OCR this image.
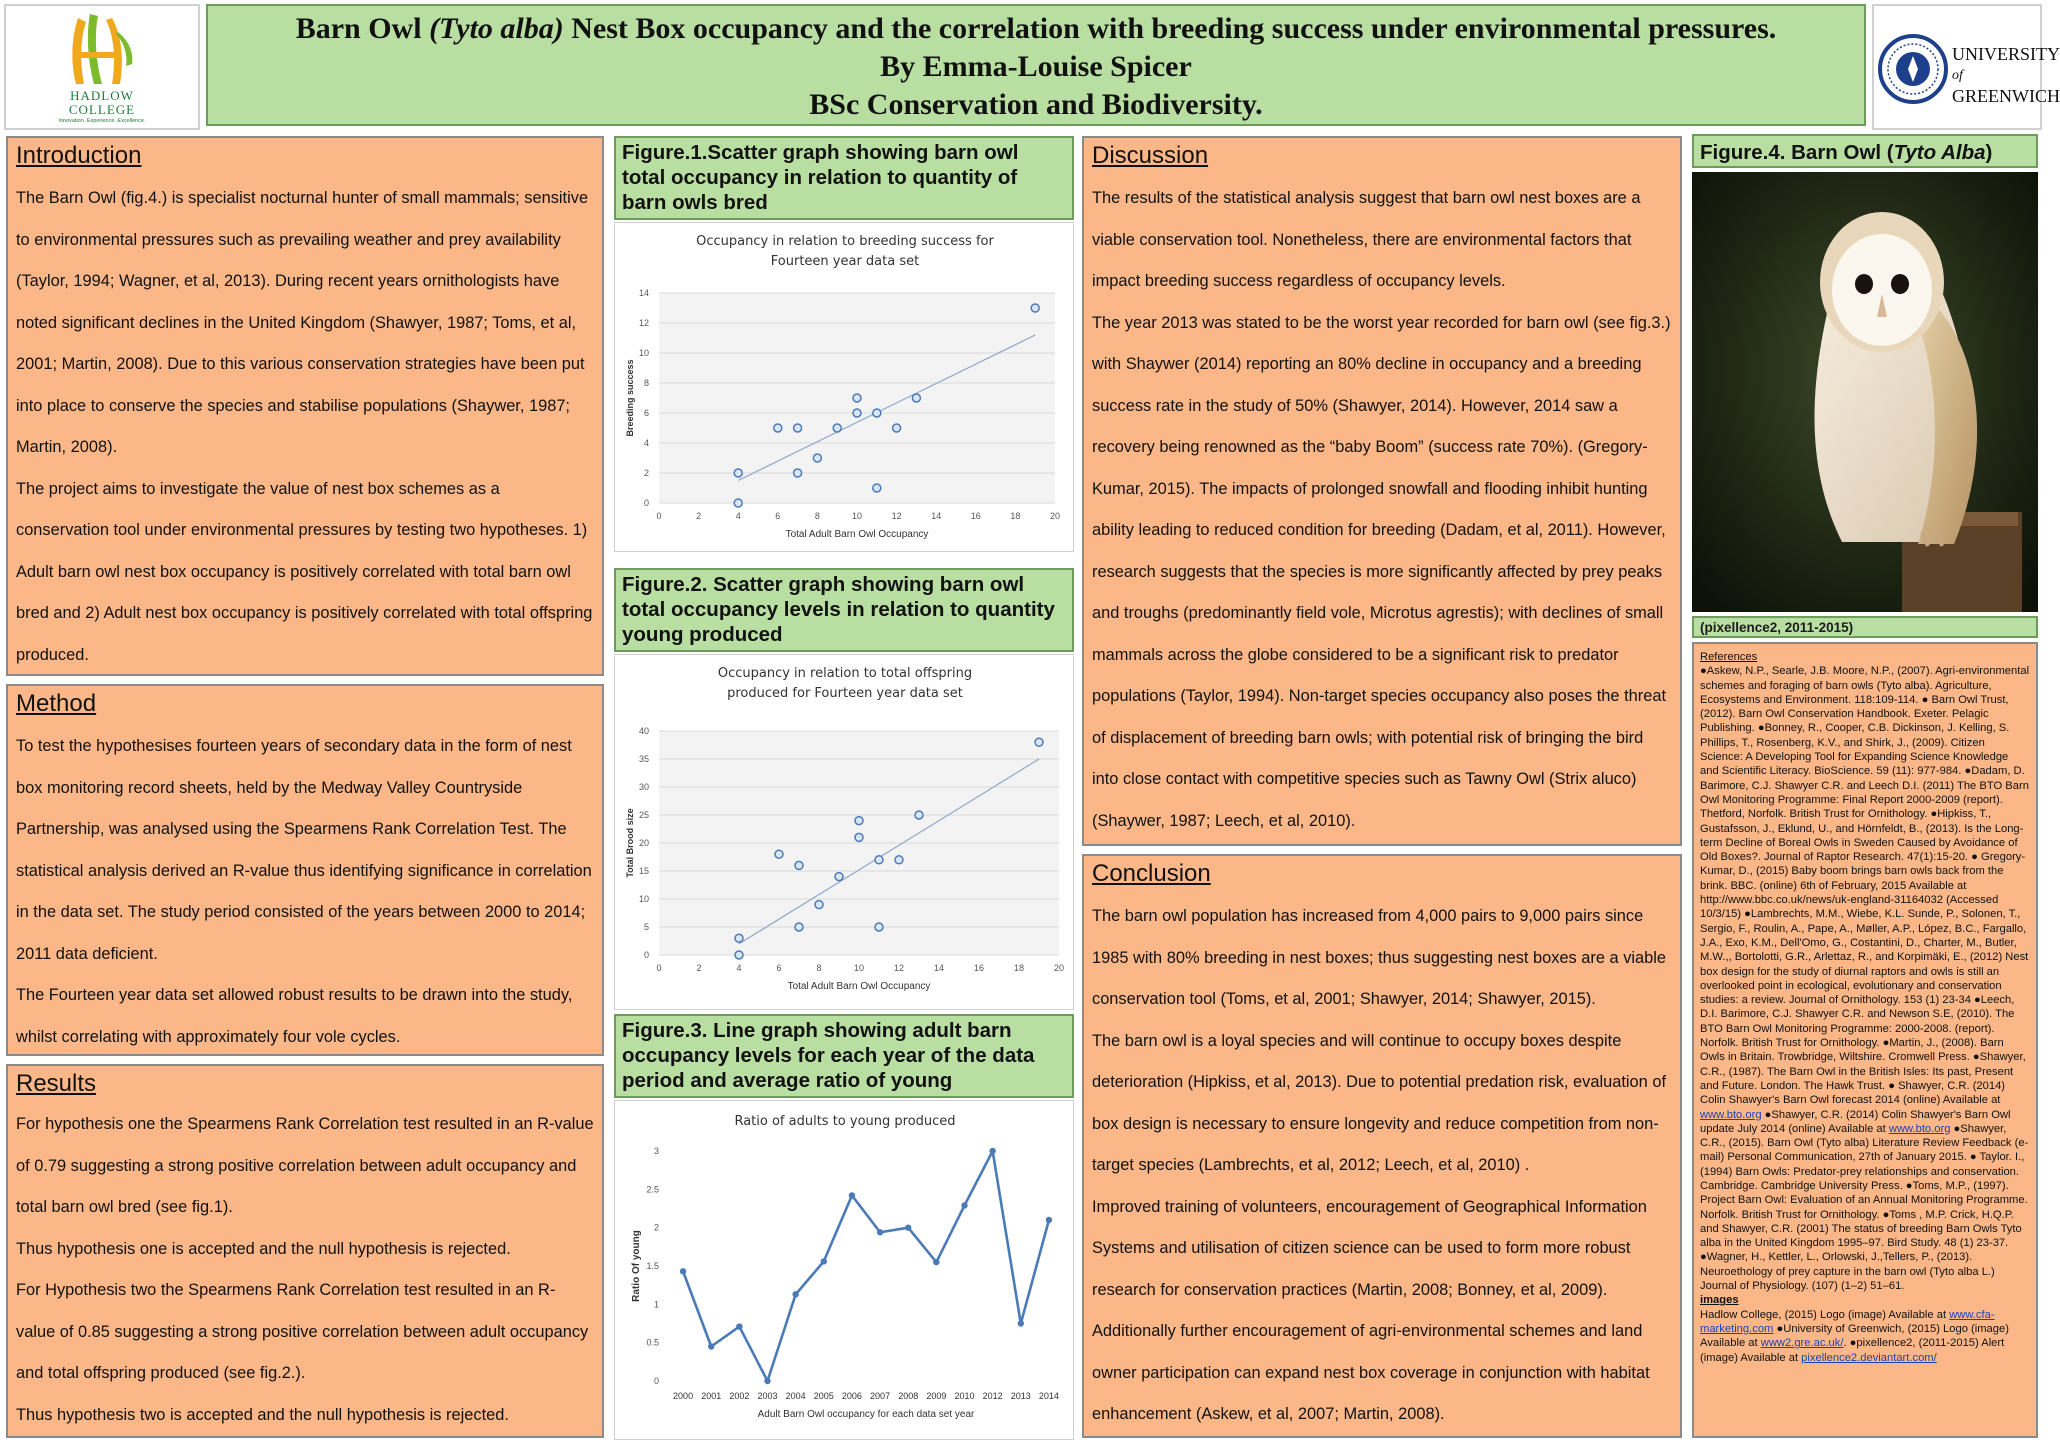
HADLOW
COLLEGE
Innovation. Experience. Excellence.
Barn Owl (Tyto alba) Nest Box occupancy and the correlation with breeding success under environmental pressures.
By Emma-Louise Spicer
BSc Conservation and Biodiversity.
UNIVERSITY
of
GREENWICH
Introduction

The Barn Owl (fig.4.) is specialist nocturnal hunter of small mammals; sensitive to environmental pressures such as prevailing weather and prey availability (Taylor, 1994; Wagner, et al, 2013). During recent years ornithologists have noted significant declines in the United Kingdom (Shawyer, 1987; Toms, et al, 2001; Martin, 2008). Due to this various conservation strategies have been put into place to conserve the species and stabilise populations (Shaywer, 1987; Martin, 2008).

The project aims to investigate the value of nest box schemes as a conservation tool under environmental pressures by testing two hypotheses. 1) Adult barn owl nest box occupancy is positively correlated with total barn owl bred and 2) Adult nest box occupancy is positively correlated with total offspring produced.

Method

To test the hypothesises fourteen years of secondary data in the form of nest box monitoring record sheets, held by the Medway Valley Countryside Partnership, was analysed using the Spearmens Rank Correlation Test. The statistical analysis derived an R-value thus identifying significance in correlation in the data set. The study period consisted of the years between 2000 to 2014; 2011 data deficient.

The Fourteen year data set allowed robust results to be drawn into the study, whilst correlating with approximately four vole cycles.

Results

For hypothesis one the Spearmens Rank Correlation test resulted in an R-value of 0.79 suggesting a strong positive correlation between adult occupancy and total barn owl bred (see fig.1).

Thus hypothesis one is accepted and the null hypothesis is rejected.

For Hypothesis two the Spearmens Rank Correlation test resulted in an R-value of 0.85 suggesting a strong positive correlation between adult occupancy and total offspring produced (see fig.2.).

Thus hypothesis two is accepted and the null hypothesis is rejected.

Figure.1.Scatter graph showing barn owl total occupancy in relation to quantity of barn owls bred
Occupancy in relation to breeding success for
Fourteen year data set
0
2
4
6
8
10
12
14
0	2	4	6	8	10	12	14	16	18	20
Total Adult Barn Owl Occupancy
Breeding success
Figure.2. Scatter graph showing barn owl total occupancy levels in relation to quantity young produced
Occupancy in relation to total offspring
produced for Fourteen year data set
0
5
10
15
20
25
30
35
40
0	2	4	6	8	10	12	14	16	18	20
Total Adult Barn Owl Occupancy
Total Brood size
Figure.3. Line graph showing adult barn occupancy levels for each year of the data period and average ratio of young
Ratio of adults to young produced
0
0.5
1
1.5
2
2.5
3
2000 2001 2002 2003 2004 2005 2006 2007 2008 2009 2010 2012 2013 2014
Adult Barn Owl occupancy for each data set year
Ratio Of young
Discussion

The results of the statistical analysis suggest that barn owl nest boxes are a viable conservation tool. Nonetheless, there are environmental factors that impact breeding success regardless of occupancy levels.

The year 2013 was stated to be the worst year recorded for barn owl (see fig.3.) with Shaywer (2014) reporting an 80% decline in occupancy and a breeding success rate in the study of 50% (Shawyer, 2014). However, 2014 saw a recovery being renowned as the “baby Boom” (success rate 70%). (Gregory-Kumar, 2015). The impacts of prolonged snowfall and flooding inhibit hunting ability leading to reduced condition for breeding (Dadam, et al, 2011). However, research suggests that the species is more significantly affected by prey peaks and troughs (predominantly field vole, Microtus agrestis); with declines of small mammals across the globe considered to be a significant risk to predator populations (Taylor, 1994). Non-target species occupancy also poses the threat of displacement of breeding barn owls; with potential risk of bringing the bird into close contact with competitive species such as Tawny Owl (Strix aluco) (Shaywer, 1987; Leech, et al, 2010).

Conclusion

The barn owl population has increased from 4,000 pairs to 9,000 pairs since 1985 with 80% breeding in nest boxes; thus suggesting nest boxes are a viable conservation tool (Toms, et al, 2001; Shawyer, 2014; Shawyer, 2015).

The barn owl is a loyal species and will continue to occupy boxes despite deterioration (Hipkiss, et al, 2013). Due to potential predation risk, evaluation of box design is necessary to ensure longevity and reduce competition from non-target species (Lambrechts, et al, 2012; Leech, et al, 2010) .

Improved training of volunteers, encouragement of Geographical Information Systems and utilisation of citizen science can be used to form more robust research for conservation practices (Martin, 2008; Bonney, et al, 2009).

Additionally further encouragement of agri-environmental schemes and land owner participation can expand nest box coverage in conjunction with habitat enhancement (Askew, et al, 2007; Martin, 2008).

Figure.4. Barn Owl (Tyto Alba)
(pixellence2, 2011-2015)
References
●Askew, N.P., Searle, J.B. Moore, N.P., (2007). Agri-environmental schemes and foraging of barn owls (Tyto alba). Agriculture, Ecosystems and Environment. 118:109-114. ● Barn Owl Trust, (2012). Barn Owl Conservation Handbook. Exeter. Pelagic Publishing. ●Bonney, R., Cooper, C.B. Dickinson, J. Kelling, S. Phillips, T., Rosenberg, K.V., and Shirk, J., (2009). Citizen Science: A Developing Tool for Expanding Science Knowledge and Scientific Literacy. BioScience. 59 (11): 977-984. ●Dadam, D. Barimore, C.J. Shawyer C.R. and Leech D.I. (2011) The BTO Barn Owl Monitoring Programme: Final Report 2000-2009 (report). Thetford, Norfolk. British Trust for Ornithology. ●Hipkiss, T., Gustafsson, J., Eklund, U., and Hörnfeldt, B., (2013). Is the Long-term Decline of Boreal Owls in Sweden Caused by Avoidance of Old Boxes?. Journal of Raptor Research. 47(1):15-20. ● Gregory-Kumar, D., (2015) Baby boom brings barn owls back from the brink. BBC. (online) 6th of February, 2015 Available at http://www.bbc.co.uk/news/uk-england-31164032 (Accessed 10/3/15) ●Lambrechts, M.M., Wiebe, K.L. Sunde, P., Solonen, T., Sergio, F., Roulin, A., Pape, A., Møller, A.P., López, B.C., Fargallo, J.A., Exo, K.M., Dell'Omo, G., Costantini, D., Charter, M., Butler, M.W.,, Bortolotti, G.R., Arlettaz, R., and Korpimäki, E., (2012) Nest box design for the study of diurnal raptors and owls is still an overlooked point in ecological, evolutionary and conservation studies: a review. Journal of Ornithology. 153 (1) 23-34 ●Leech, D.I. Barimore, C.J. Shawyer C.R. and Newson S.E, (2010). The BTO Barn Owl Monitoring Programme: 2000-2008. (report). Norfolk. British Trust for Ornithology. ●Martin, J., (2008). Barn Owls in Britain. Trowbridge, Wiltshire. Cromwell Press. ●Shawyer, C.R., (1987). The Barn Owl in the British Isles: Its past, Present and Future. London. The Hawk Trust. ● Shawyer, C.R. (2014) Colin Shawyer's Barn Owl forecast 2014 (online) Available at www.bto.org ●Shawyer, C.R. (2014) Colin Shawyer's Barn Owl update July 2014 (online) Available at www.bto.org ●Shawyer, C.R., (2015). Barn Owl (Tyto alba) Literature Review Feedback (e-mail) Personal Communication, 27th of January 2015. ● Taylor. I., (1994) Barn Owls: Predator-prey relationships and conservation. Cambridge. Cambridge University Press. ●Toms, M.P., (1997). Project Barn Owl: Evaluation of an Annual Monitoring Programme. Norfolk. British Trust for Ornithology. ●Toms , M.P. Crick, H.Q.P. and Shawyer, C.R. (2001) The status of breeding Barn Owls Tyto alba in the United Kingdom 1995–97. Bird Study. 48 (1) 23-37. ●Wagner, H., Kettler, L., Orlowski, J.,Tellers, P., (2013). Neuroethology of prey capture in the barn owl (Tyto alba L.) Journal of Physiology. (107) (1–2) 51–61.
images
Hadlow College, (2015) Logo (image) Available at www.cfa-marketing.com ●University of Greenwich, (2015) Logo (image) Available at www2.gre.ac.uk/. ●pixellence2, (2011-2015) Alert (image) Available at pixellence2.deviantart.com/
